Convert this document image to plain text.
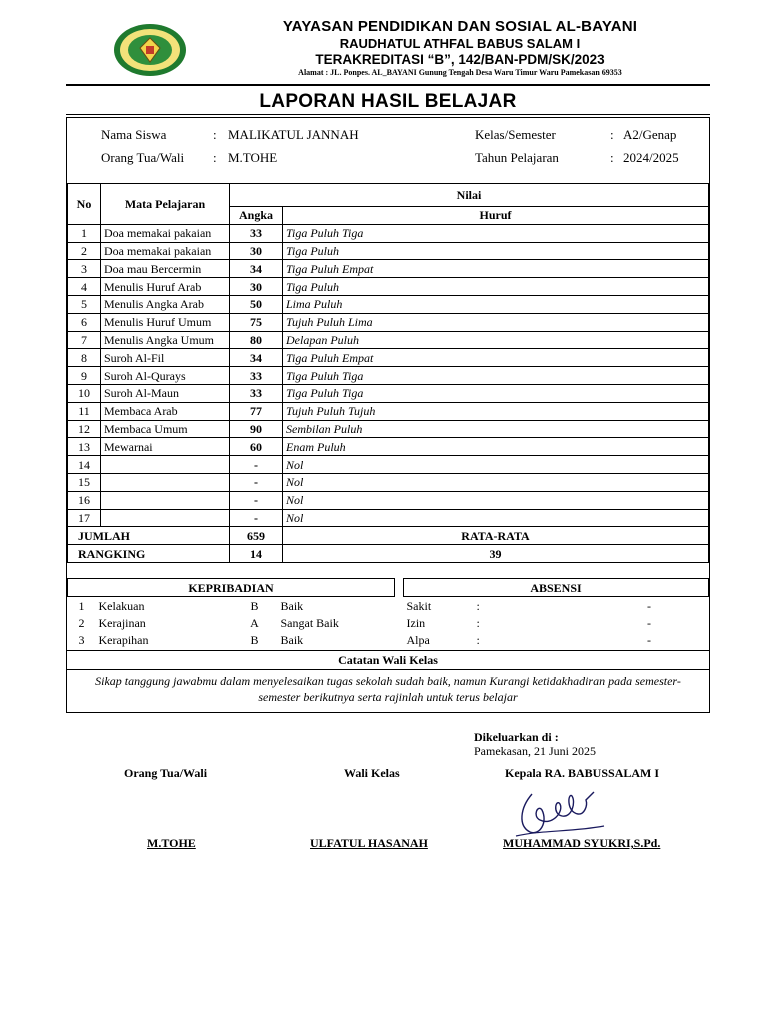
YAYASAN PENDIDIKAN DAN SOSIAL AL-BAYANI
RAUDHATUL ATHFAL BABUS SALAM I
TERAKREDITASI “B”, 142/BAN-PDM/SK/2023
Alamat : JL. Ponpes. AL_BAYANI Gunung Tengah Desa Waru Timur Waru Pamekasan 69353
LAPORAN HASIL BELAJAR
Nama Siswa	: MALIKATUL JANNAH
Orang Tua/Wali : M.TOHE
Kelas/Semester	: A2/Genap
Tahun Pelajaran	: 2024/2025
No	Mata Pelajaran	Nilai	
		Angka	Huruf
1	Doa memakai pakaian	33	Tiga Puluh Tiga
2	Doa memakai pakaian	30	Tiga Puluh
3	Doa mau Bercermin	34	Tiga Puluh Empat
4	Menulis Huruf Arab	30	Tiga Puluh
5	Menulis Angka Arab	50	Lima Puluh
6	Menulis Huruf Umum	75	Tujuh Puluh Lima
7	Menulis Angka Umum	80	Delapan Puluh
8	Suroh Al-Fil	34	Tiga Puluh Empat
9	Suroh Al-Qurays	33	Tiga Puluh Tiga
10	Suroh Al-Maun	33	Tiga Puluh Tiga
11	Membaca Arab	77	Tujuh Puluh Tujuh
12	Membaca Umum	90	Sembilan Puluh
13	Mewarnai	60	Enam Puluh
14		-	Nol
15		-	Nol
16		-	Nol
17		-	Nol
JUMLAH		659	RATA-RATA
RANGKING		14	39
KEPRIBADIAN			
1	Kelakuan	B	Baik
2	Kerajinan	A	Sangat Baik
3	Kerapihan	B	Baik
ABSENSI		
Sakit	:	-
Izin	:	-
Alpa	:	-
Catatan Wali Kelas
Sikap tanggung jawabmu dalam menyelesaikan tugas sekolah sudah baik, namun Kurangi ketidakhadiran pada semester-semester berikutnya serta rajinlah untuk terus belajar
Dikeluarkan di :
Pamekasan, 21 Juni 2025
Orang Tua/Wali	Wali Kelas	Kepala RA. BABUSSALAM I
M.TOHE	ULFATUL HASANAH	MUHAMMAD SYUKRI,S.Pd.
